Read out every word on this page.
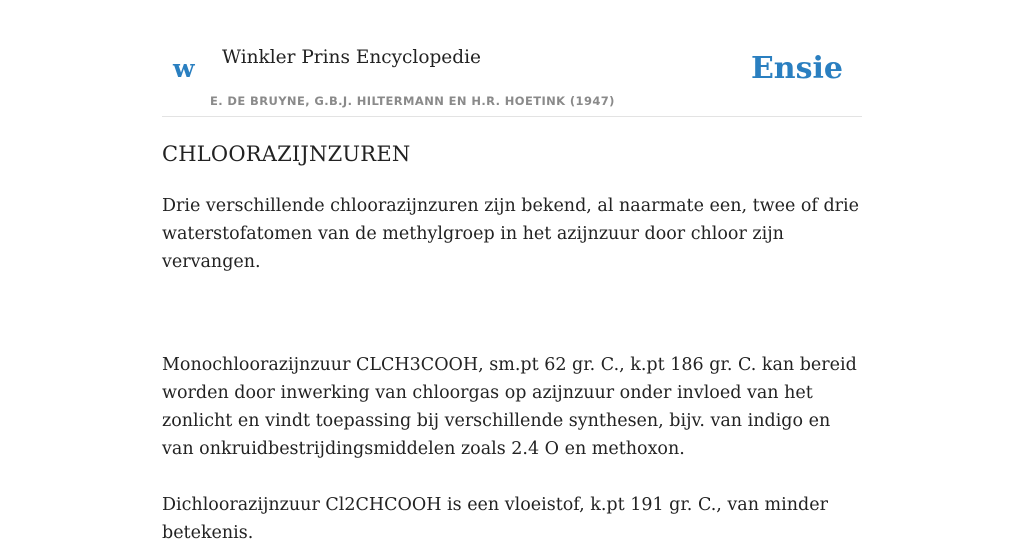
w Winkler Prins Encyclopedie
E. DE BRUYNE, G.B.J. HILTERMANN EN H.R. HOETINK (1947)
Ensie
CHLOORAZIJNZUREN

Drie verschillende chloorazijnzuren zijn bekend, al naarmate een, twee of drie waterstofatomen van de methylgroep in het azijnzuur door chloor zijn vervangen.

Monochloorazijnzuur CLCH3COOH, sm.pt 62 gr. C., k.pt 186 gr. C. kan bereid worden door inwerking van chloorgas op azijnzuur onder invloed van het zonlicht en vindt toepassing bij verschillende synthesen, bijv. van indigo en van onkruidbestrijdingsmiddelen zoals 2.4 O en methoxon.

Dichloorazijnzuur Cl2CHCOOH is een vloeistof, k.pt 191 gr. C., van minder betekenis.
